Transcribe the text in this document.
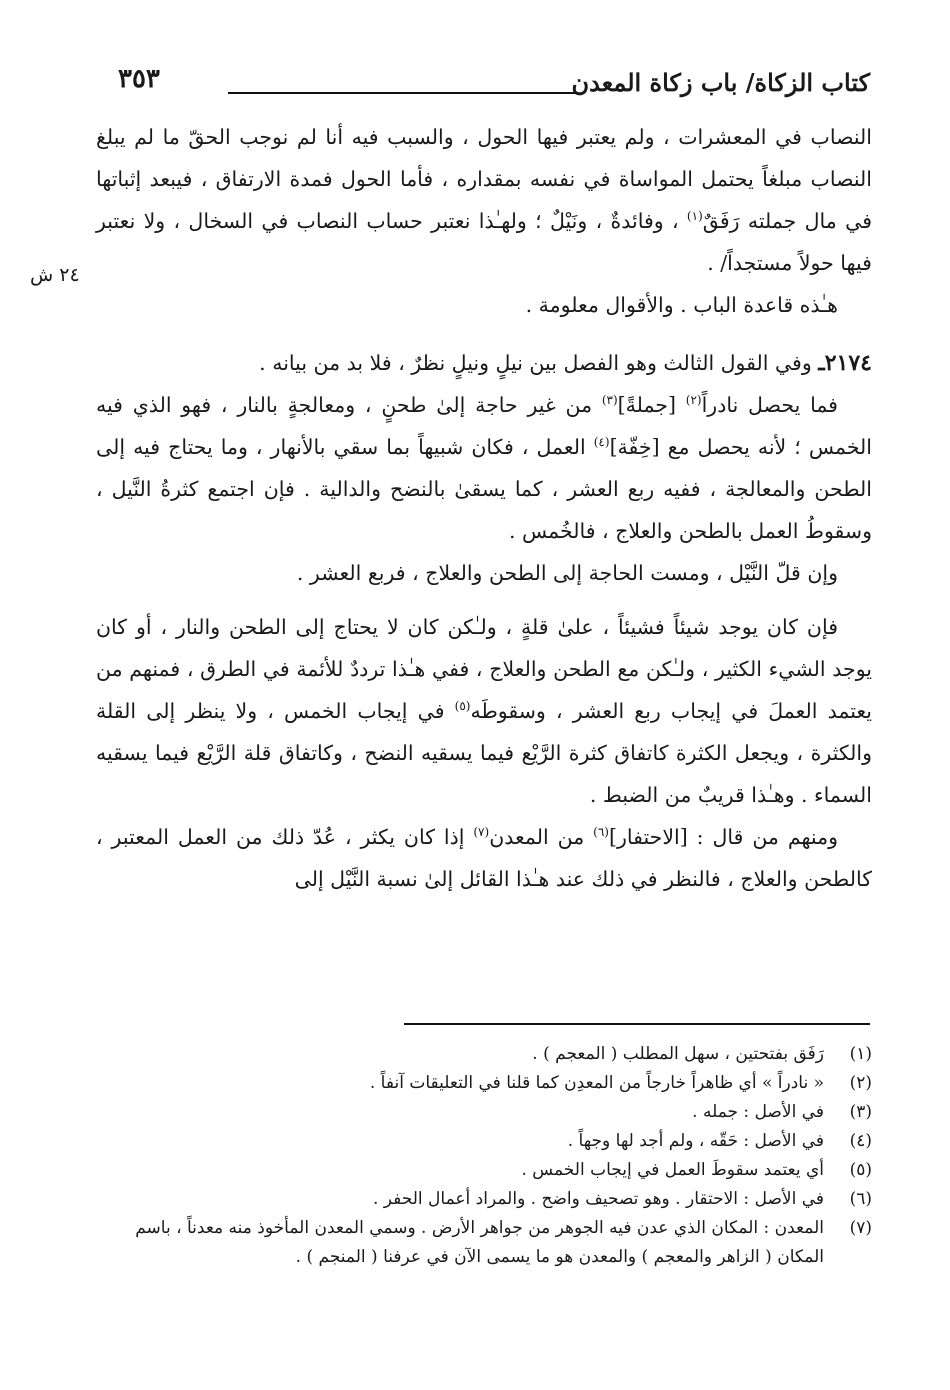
كتاب الزكاة/ باب زكاة المعدن
٣٥٣
٢٤ ش

النصاب في المعشرات ، ولم يعتبر فيها الحول ، والسبب فيه أنا لم نوجب الحقّ ما لم يبلغ النصاب مبلغاً يحتمل المواساة في نفسه بمقداره ، فأما الحول فمدة الارتفاق ، فيبعد إثباتها في مال جملته رَفَقٌ$^{(١)}$ ، وفائدةٌ ، ونَيْلٌ ؛ ولهـٰذا نعتبر حساب النصاب في السخال ، ولا نعتبر فيها حولاً مستجداً/ .

هـٰذه قاعدة الباب . والأقوال معلومة .

٢١٧٤ـ وفي القول الثالث وهو الفصل بين نيلٍ ونيلٍ نظرٌ ، فلا بد من بيانه .

فما يحصل نادراً$^{(٢)}$ [جملةً]$^{(٣)}$ من غير حاجة إلىٰ طحنٍ ، ومعالجةٍ بالنار ، فهو الذي فيه الخمس ؛ لأنه يحصل مع [خِفّة]$^{(٤)}$ العمل ، فكان شبيهاً بما سقي بالأنهار ، وما يحتاج فيه إلى الطحن والمعالجة ، ففيه ربع العشر ، كما يسقىٰ بالنضح والدالية . فإن اجتمع كثرةُ النَّيل ، وسقوطُ العمل بالطحن والعلاج ، فالخُمس .

وإن قلّ النَّيْل ، ومست الحاجة إلى الطحن والعلاج ، فربع العشر .

فإن كان يوجد شيئاً فشيئاً ، علىٰ قلةٍ ، ولـٰكن كان لا يحتاج إلى الطحن والنار ، أو كان يوجد الشيء الكثير ، ولـٰكن مع الطحن والعلاج ، ففي هـٰذا ترددٌ للأئمة في الطرق ، فمنهم من يعتمد العملَ في إيجاب ربع العشر ، وسقوطَه$^{(٥)}$ في إيجاب الخمس ، ولا ينظر إلى القلة والكثرة ، ويجعل الكثرة كاتفاق كثرة الرَّيْع فيما يسقيه النضح ، وكاتفاق قلة الرَّيْع فيما يسقيه السماء . وهـٰذا قريبٌ من الضبط .

ومنهم من قال : [الاحتفار]$^{(٦)}$ من المعدن$^{(٧)}$ إذا كان يكثر ، عُدّ ذلك من العمل المعتبر ، كالطحن والعلاج ، فالنظر في ذلك عند هـٰذا القائل إلىٰ نسبة النَّيْل إلى

(١)
رَفَق بفتحتين ، سهل المطلب ( المعجم ) .
(٢)
« نادراً » أي ظاهراً خارجاً من المعدِن كما قلنا في التعليقات آنفاً .
(٣)
في الأصل : جمله .
(٤)
في الأصل : حَقّه ، ولم أجد لها وجهاً .
(٥)
أي يعتمد سقوطَ العمل في إيجاب الخمس .
(٦)
في الأصل : الاحتقار . وهو تصحيف واضح . والمراد أعمال الحفر .
(٧)
المعدن : المكان الذي عدن فيه الجوهر من جواهر الأرض . وسمي المعدن المأخوذ منه معدناً ، باسم المكان ( الزاهر والمعجم ) والمعدن هو ما يسمى الآن في عرفنا ( المنجم ) .
